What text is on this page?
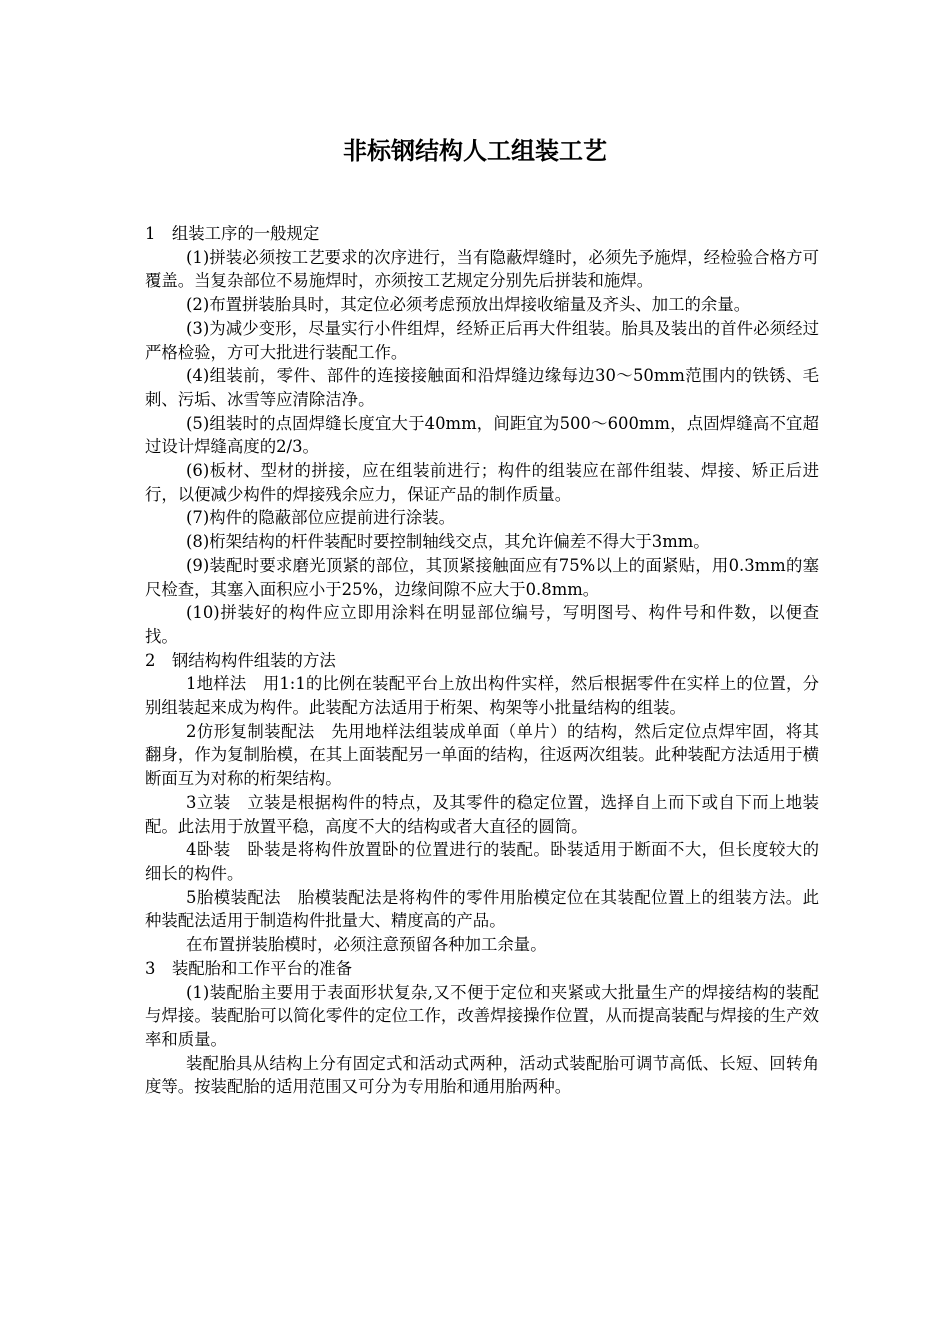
非标钢结构人工组装工艺

1　组装工序的一般规定

(1)拼装必须按工艺要求的次序进行，当有隐蔽焊缝时，必须先予施焊，经检验合格方可覆盖。当复杂部位不易施焊时，亦须按工艺规定分别先后拼装和施焊。

(2)布置拼装胎具时，其定位必须考虑预放出焊接收缩量及齐头、加工的余量。

(3)为减少变形，尽量实行小件组焊，经矫正后再大件组装。胎具及装出的首件必须经过严格检验，方可大批进行装配工作。

(4)组装前，零件、部件的连接接触面和沿焊缝边缘每边30～50mm范围内的铁锈、毛刺、污垢、冰雪等应清除洁净。

(5)组装时的点固焊缝长度宜大于40mm，间距宜为500～600mm，点固焊缝高不宜超过设计焊缝高度的2/3。

(6)板材、型材的拼接，应在组装前进行；构件的组装应在部件组装、焊接、矫正后进行，以便减少构件的焊接残余应力，保证产品的制作质量。

(7)构件的隐蔽部位应提前进行涂装。

(8)桁架结构的杆件装配时要控制轴线交点，其允许偏差不得大于3mm。

(9)装配时要求磨光顶紧的部位，其顶紧接触面应有75%以上的面紧贴，用0.3mm的塞尺检查，其塞入面积应小于25%，边缘间隙不应大于0.8mm。

(10)拼装好的构件应立即用涂料在明显部位编号，写明图号、构件号和件数，以便查找。

2　钢结构构件组装的方法

1地样法　用1:1的比例在装配平台上放出构件实样，然后根据零件在实样上的位置，分别组装起来成为构件。此装配方法适用于桁架、构架等小批量结构的组装。

2仿形复制装配法　先用地样法组装成单面（单片）的结构，然后定位点焊牢固，将其翻身，作为复制胎模，在其上面装配另一单面的结构，往返两次组装。此种装配方法适用于横断面互为对称的桁架结构。

3立装　立装是根据构件的特点，及其零件的稳定位置，选择自上而下或自下而上地装配。此法用于放置平稳，高度不大的结构或者大直径的圆筒。

4卧装　卧装是将构件放置卧的位置进行的装配。卧装适用于断面不大，但长度较大的细长的构件。

5胎模装配法　胎模装配法是将构件的零件用胎模定位在其装配位置上的组装方法。此种装配法适用于制造构件批量大、精度高的产品。

在布置拼装胎模时，必须注意预留各种加工余量。

3　装配胎和工作平台的准备

(1)装配胎主要用于表面形状复杂,又不便于定位和夹紧或大批量生产的焊接结构的装配与焊接。装配胎可以简化零件的定位工作，改善焊接操作位置，从而提高装配与焊接的生产效率和质量。

装配胎具从结构上分有固定式和活动式两种，活动式装配胎可调节高低、长短、回转角度等。按装配胎的适用范围又可分为专用胎和通用胎两种。
